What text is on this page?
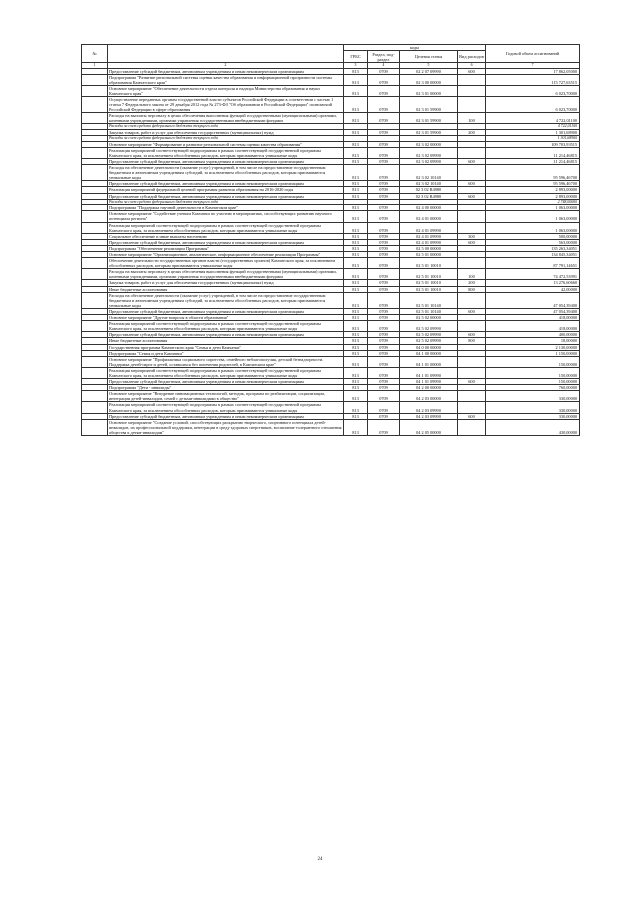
№		коды				Годовой объем ассигнований
		ГРБС	Раздел, под-раздел	Целевая статья	Вид расходов	
1	2	3	4	5	6	7
	Предоставление субсидий бюджетным, автономным учреждениям и иным некоммерческим организациям	813	0709	02 2 07 09990	600	17 862,05000
	Подпрограмма "Развитие региональной системы оценки качества образования и информационной прозрачности системы образования Камчатского края"	813	0709	02 3 00 00000		115 727,63515
	Основное мероприятие "Обеспечение деятельности отдела контроля и надзора Министерства образования и науки Камчатского края"	813	0709	02 3 01 00000		6 023,70000
	Осуществление переданных органам государственной власти субъектов Российской Федерации в соответствии с частью 1 статьи 7 Федерального закона от 29 декабря 2012 года № 273-ФЗ "Об образовании в Российской Федерации" полномочий Российской Федерации в сфере образования	813	0709	02 3 01 59900		6 023,70000
	Расходы на выплаты персоналу в целях обеспечения выполнения функций государственными (муниципальными) органами, казенными учреждениями, органами управления государственными внебюджетными фондами	813	0709	02 3 01 59900	100	4 722,01100
	Расходы за счет средств федерального бюджета текущего года					4 722,01100
	Закупка товаров, работ и услуг для обеспечения государственных (муниципальных) нужд	813	0709	02 3 01 59900	200	1 301,68900
	Расходы за счет средств федерального бюджета текущего года					1 301,68900
	Основное мероприятие "Формирование и развитие региональной системы оценки качества образования"	813	0709	02 3 02 00000		109 703,93515
	Реализация мероприятий соответствующей подпрограммы в рамках соответствующей государственной программы Камчатского края, за исключением обособленных расходов, которым присваиваются уникальные коды	813	0709	02 3 02 09990		11 214,46815
	Предоставление субсидий бюджетным, автономным учреждениям и иным некоммерческим организациям	813	0709	02 3 02 09990	600	11 214,46815
	Расходы на обеспечение деятельности (оказание услуг) учреждений, в том числе на предоставление государственным бюджетным и автономным учреждениям субсидий, за исключением обособленных расходов, которым присваиваются уникальные коды	813	0709	02 3 02 10140		95 596,46700
	Предоставление субсидий бюджетным, автономным учреждениям и иным некоммерческим организациям	813	0709	02 3 02 10140	600	95 596,46700
	Реализация мероприятий федеральной целевой программы развития образования на 2016-2020 годы	813	0709	02 3 02 R4980		2 893,00000
	Предоставление субсидий бюджетным, автономным учреждениям и иным некоммерческим организациям	813	0709	02 3 02 R4980	600	2 893,00000
	Расходы за счет средств федерального бюджета текущего года					2 748,00000
	Подпрограмма "Поддержка научной деятельности в Камчатском крае"	813	0709	02 4 00 00000		1 063,00000
	Основное мероприятие "Содействие ученым Камчатки по участию в мероприятиях, способствующих развитию научного потенциала региона"	813	0709	02 4 01 00000		1 063,00000
	Реализация мероприятий соответствующей подпрограммы в рамках соответствующей государственной программы Камчатского края, за исключением обособленных расходов, которым присваиваются уникальные коды	813	0709	02 4 01 09990		1 063,00000
	Социальное обеспечение и иные выплаты населению	813	0709	02 4 01 09990	300	500,00000
	Предоставление субсидий бюджетным, автономным учреждениям и иным некоммерческим организациям	813	0709	02 4 01 09990	600	563,00000
	Подпрограмма "Обеспечение реализации Программы"	813	0709	02 5 00 00000		135 263,34051
	Основное мероприятие "Организационное, аналитическое, информационное обеспечение реализации Программы"	813	0709	02 5 01 00000		134 845,34051
	Обеспечение деятельности государственных органов власти (государственных органов) Камчатского края, за исключением обособленных расходов, которым присваиваются уникальные коды	813	0709	02 5 01 10010		87 791,14651
	Расходы на выплаты персоналу в целях обеспечения выполнения функций государственными (муниципальными) органами, казенными учреждениями, органами управления государственными внебюджетными фондами	813	0709	02 5 01 10010	100	74 472,53991
	Закупка товаров, работ и услуг для обеспечения государственных (муниципальных) нужд	813	0709	02 5 01 10010	200	13 276,60660
	Иные бюджетные ассигнования	813	0709	02 5 01 10010	800	42,00000
	Расходы на обеспечение деятельности (оказание услуг) учреждений, в том числе на предоставление государственным бюджетным и автономным учреждениям субсидий, за исключением обособленных расходов, которым присваиваются уникальные коды	813	0709	02 5 01 10140		47 054,39400
	Предоставление субсидий бюджетным, автономным учреждениям и иным некоммерческим организациям	813	0709	02 5 01 10140	600	47 054,39400
	Основное мероприятие "Другие вопросы в области образования"	813	0709	02 5 02 00000		418,00000
	Реализация мероприятий соответствующей подпрограммы в рамках соответствующей государственной программы Камчатского края, за исключением обособленных расходов, которым присваиваются уникальные коды	813	0709	02 5 02 09990		418,00000
	Предоставление субсидий бюджетным, автономным учреждениям и иным некоммерческим организациям	813	0709	02 5 02 09990	600	400,00000
	Иные бюджетные ассигнования	813	0709	02 5 02 09990	800	18,00000
	Государственная программа Камчатского края "Семья и дети Камчатки"	813	0709	04 0 00 00000		2 130,00000
	Подпрограмма "Семья и дети Камчатки"	813	0709	04 1 00 00000		1 150,00000
	Основное мероприятие "Профилактика социального сиротства, семейного неблагополучия, детской безнадзорности. Поддержка детей-сирот и детей, оставшихся без попечения родителей, в Камчатском крае"	813	0709	04 1 01 00000		150,00000
	Реализация мероприятий соответствующей подпрограммы в рамках соответствующей государственной программы Камчатского края, за исключением обособленных расходов, которым присваиваются уникальные коды	813	0709	04 1 01 09990		150,00000
	Предоставление субсидий бюджетным, автономным учреждениям и иным некоммерческим организациям	813	0709	04 1 01 09990	600	150,00000
	Подпрограмма "Дети - инвалиды"	813	0709	04 2 00 00000		760,00000
	Основное мероприятие "Внедрение инновационных технологий, методик, программ по реабилитации, социализации, интеграции детей-инвалидов, семей с детьми-инвалидами в общество"	813	0709	04 2 03 00000		330,00000
	Реализация мероприятий соответствующей подпрограммы в рамках соответствующей государственной программы Камчатского края, за исключением обособленных расходов, которым присваиваются уникальные коды	813	0709	04 2 03 09990		330,00000
	Предоставление субсидий бюджетным, автономным учреждениям и иным некоммерческим организациям	813	0709	04 2 03 09990	600	330,00000
	Основное мероприятие "Создание условий, способствующих раскрытию творческого, спортивного потенциала детей-инвалидов, их профессиональной поддержки, интеграции в среду здоровых сверстников, воспитание толерантного отношения общества к детям-инвалидам"	813	0709	04 2 05 00000		430,00000
24
